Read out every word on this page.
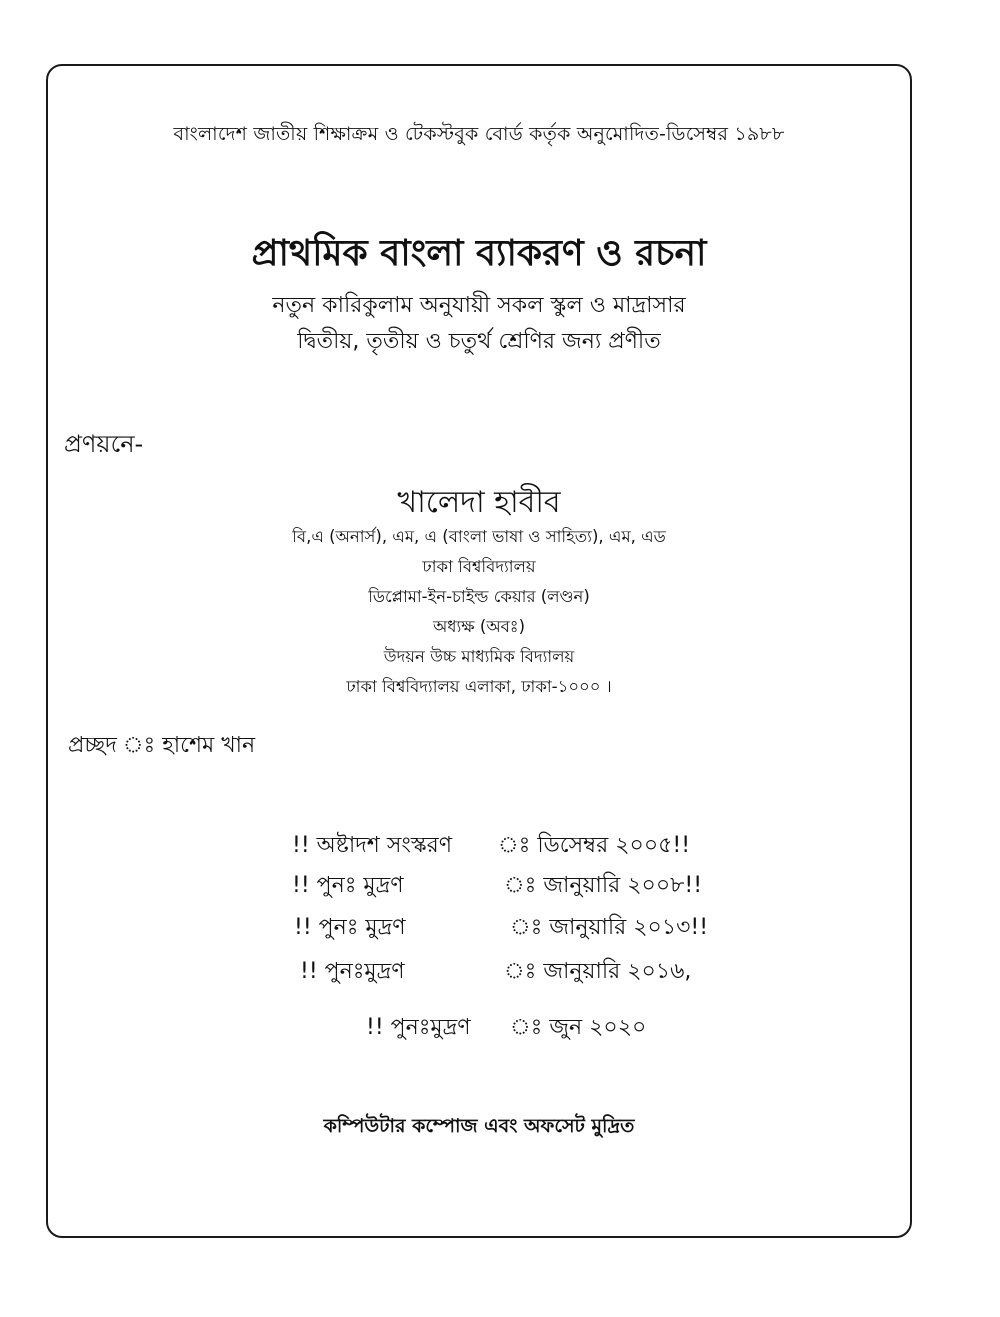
বাংলাদেশ জাতীয় শিক্ষাক্রম ও টেকস্টবুক বোর্ড কর্তৃক অনুমোদিত-ডিসেম্বর ১৯৮৮
প্রাথমিক বাংলা ব্যাকরণ ও রচনা
নতুন কারিকুলাম অনুযায়ী সকল স্কুল ও মাদ্রাসার
দ্বিতীয়, তৃতীয় ও চতুর্থ শ্রেণির জন্য প্রণীত
প্রণয়নে-
খালেদা হাবীব
বি,এ (অনার্স), এম, এ (বাংলা ভাষা ও সাহিত্য), এম, এড
ঢাকা বিশ্ববিদ্যালয়
ডিপ্লোমা-ইন-চাইল্ড কেয়ার (লণ্ডন)
অধ্যক্ষ (অবঃ)
উদয়ন উচ্চ মাধ্যমিক বিদ্যালয়
ঢাকা বিশ্ববিদ্যালয় এলাকা, ঢাকা-১০০০ ।
প্রচ্ছদ ঃ হাশেম খান
!! অষ্টাদশ সংস্করণ ঃ ডিসেম্বর ২০০৫!!
!! পুনঃ মুদ্রণ	ঃ জানুয়ারি ২০০৮!!
!! পুনঃ মুদ্রণ	ঃ জানুয়ারি ২০১৩!!
!! পুনঃমুদ্রণ	ঃ জানুয়ারি ২০১৬,
!! পুনঃমুদ্রণ ঃ জুন ২০২০
কম্পিউটার কম্পোজ এবং অফসেট মুদ্রিত
